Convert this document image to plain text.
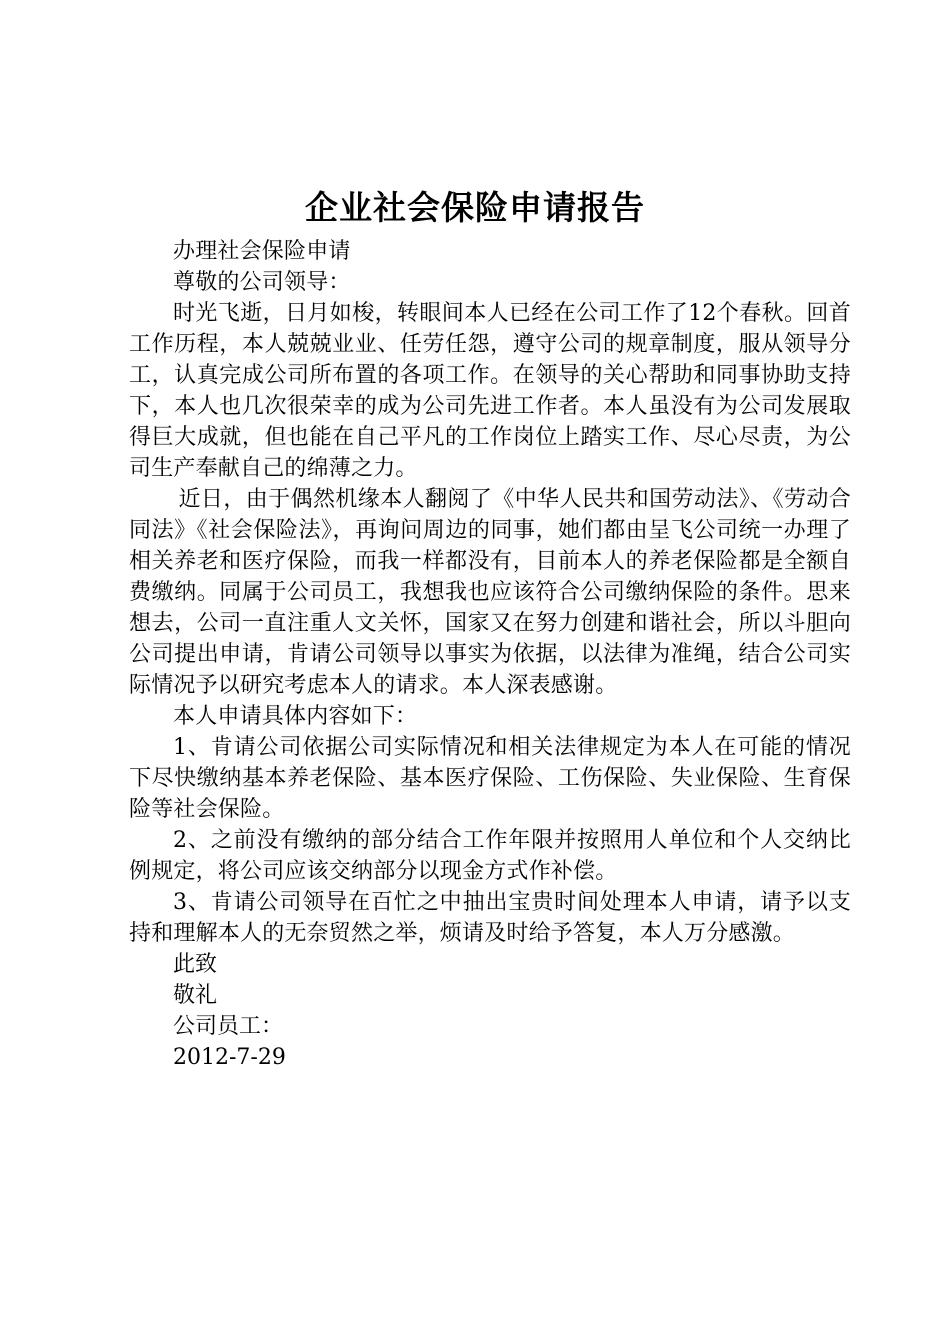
企业社会保险申请报告

办理社会保险申请

尊敬的公司领导：

时光飞逝，日月如梭，转眼间本人已经在公司工作了12个春秋。回首工作历程，本人兢兢业业、任劳任怨，遵守公司的规章制度，服从领导分工，认真完成公司所布置的各项工作。在领导的关心帮助和同事协助支持下，本人也几次很荣幸的成为公司先进工作者。本人虽没有为公司发展取得巨大成就，但也能在自己平凡的工作岗位上踏实工作、尽心尽责，为公司生产奉献自己的绵薄之力。

近日，由于偶然机缘本人翻阅了《中华人民共和国劳动法》、《劳动合同法》《社会保险法》，再询问周边的同事，她们都由呈飞公司统一办理了相关养老和医疗保险，而我一样都没有，目前本人的养老保险都是全额自费缴纳。同属于公司员工，我想我也应该符合公司缴纳保险的条件。思来想去，公司一直注重人文关怀，国家又在努力创建和谐社会，所以斗胆向公司提出申请，肯请公司领导以事实为依据，以法律为准绳，结合公司实际情况予以研究考虑本人的请求。本人深表感谢。

本人申请具体内容如下：

1、肯请公司依据公司实际情况和相关法律规定为本人在可能的情况下尽快缴纳基本养老保险、基本医疗保险、工伤保险、失业保险、生育保险等社会保险。

2、之前没有缴纳的部分结合工作年限并按照用人单位和个人交纳比例规定，将公司应该交纳部分以现金方式作补偿。

3、肯请公司领导在百忙之中抽出宝贵时间处理本人申请，请予以支持和理解本人的无奈贸然之举，烦请及时给予答复，本人万分感激。

此致

敬礼

公司员工：

2012-7-29
